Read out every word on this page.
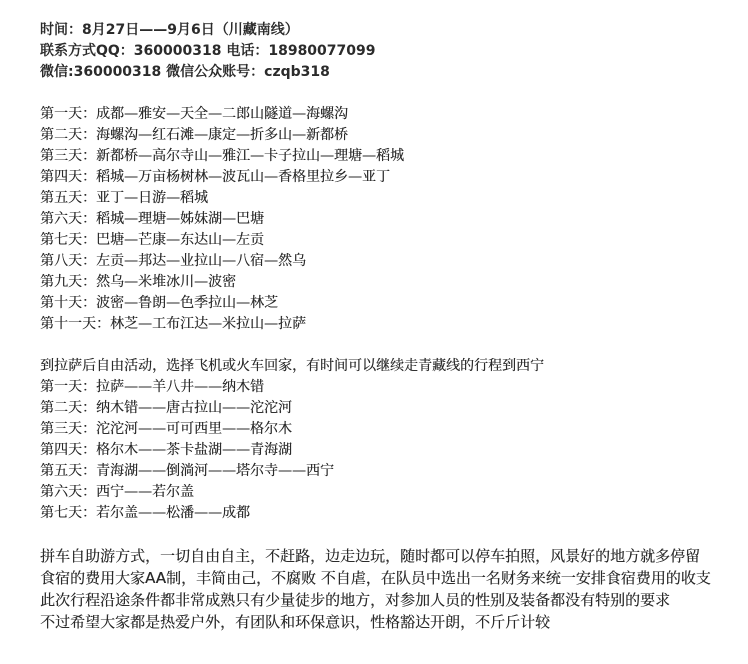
时间：8月27日——9月6日（川藏南线）
联系方式QQ：360000318 电话：18980077099
微信:360000318 微信公众账号：czqb318
第一天：成都—雅安—天全—二郎山隧道—海螺沟
第二天：海螺沟—红石滩—康定—折多山—新都桥
第三天：新都桥—高尔寺山—雅江—卡子拉山—理塘—稻城
第四天：稻城—万亩杨树林—波瓦山—香格里拉乡—亚丁
第五天：亚丁—日游—稻城
第六天：稻城—理塘—姊妹湖—巴塘
第七天：巴塘—芒康—东达山—左贡
第八天：左贡—邦达—业拉山—八宿—然乌
第九天：然乌—米堆冰川—波密
第十天：波密—鲁朗—色季拉山—林芝
第十一天：林芝—工布江达—米拉山—拉萨
到拉萨后自由活动，选择飞机或火车回家，有时间可以继续走青藏线的行程到西宁
第一天：拉萨——羊八井——纳木错
第二天：纳木错——唐古拉山——沱沱河
第三天：沱沱河——可可西里——格尔木
第四天：格尔木——茶卡盐湖——青海湖
第五天：青海湖——倒淌河——塔尔寺——西宁
第六天：西宁——若尔盖
第七天：若尔盖——松潘——成都
拼车自助游方式，一切自由自主，不赶路，边走边玩，随时都可以停车拍照，风景好的地方就多停留
食宿的费用大家AA制，丰简由己，不腐败 不自虐，在队员中选出一名财务来统一安排食宿费用的收支
此次行程沿途条件都非常成熟只有少量徒步的地方，对参加人员的性别及装备都没有特别的要求
不过希望大家都是热爱户外，有团队和环保意识，性格豁达开朗，不斤斤计较
